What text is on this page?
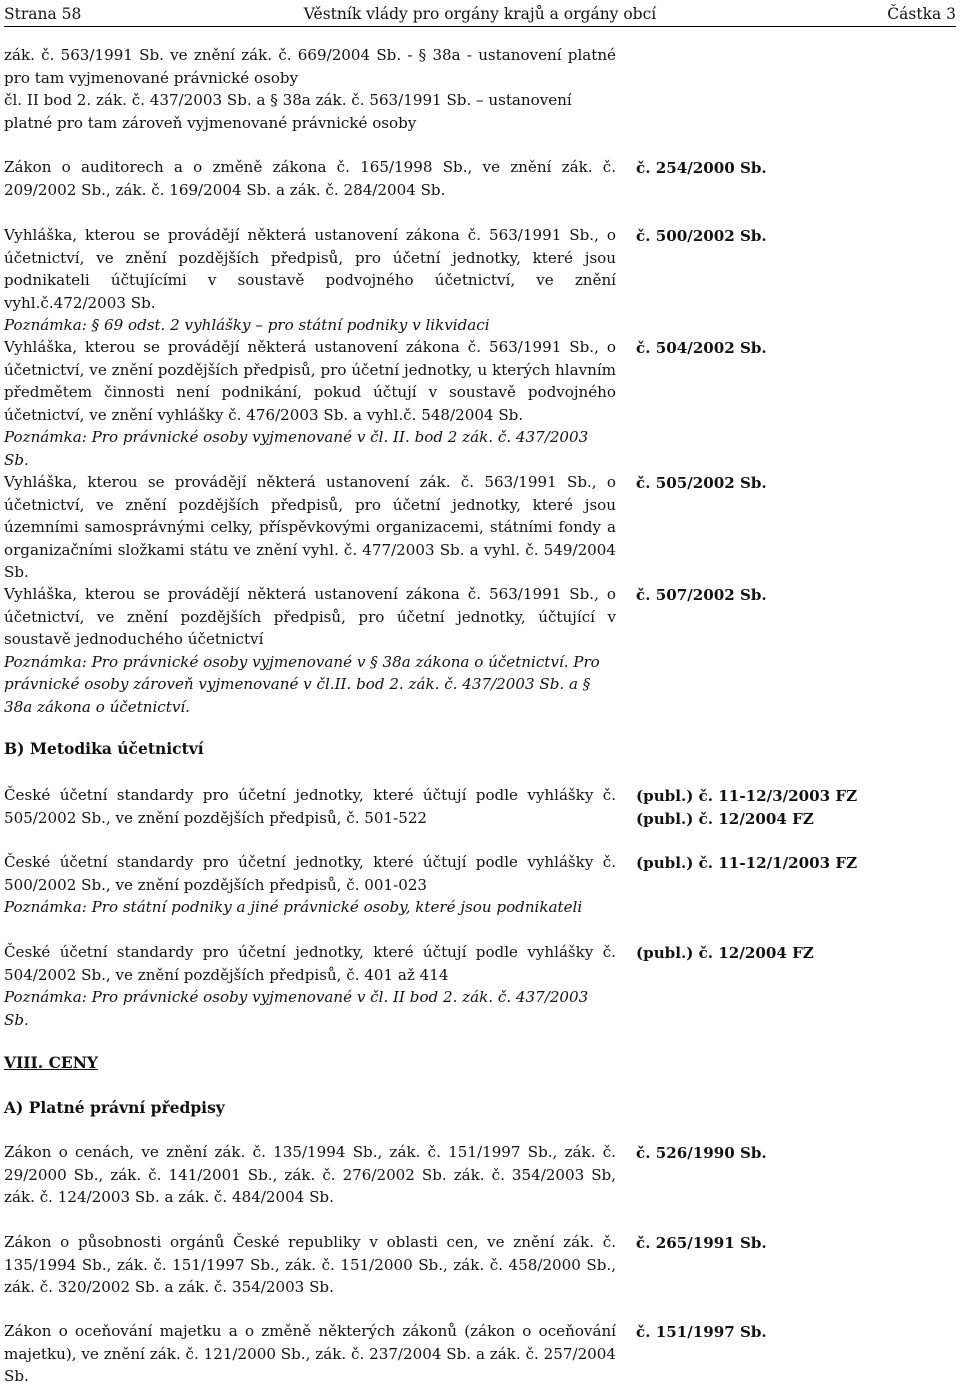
Strana 58	Věstník vlády pro orgány krajů a orgány obcí	Částka 3
zák. č. 563/1991 Sb. ve znění zák. č. 669/2004 Sb. - § 38a - ustanovení platné pro tam vyjmenované právnické osoby
čl. II bod 2. zák. č. 437/2003 Sb. a § 38a zák. č. 563/1991 Sb. – ustanovení platné pro tam zároveň vyjmenované právnické osoby
Zákon o auditorech a o změně zákona č. 165/1998 Sb., ve znění zák. č. 209/2002 Sb., zák. č. 169/2004 Sb. a zák. č. 284/2004 Sb.
č. 254/2000 Sb.
Vyhláška, kterou se provádějí některá ustanovení zákona č. 563/1991 Sb., o účetnictví, ve znění pozdějších předpisů, pro účetní jednotky, které jsou podnikateli účtujícími v soustavě podvojného účetnictví, ve znění vyhl.č.472/2003 Sb.
Poznámka: § 69 odst. 2 vyhlášky – pro státní podniky v likvidaci
č. 500/2002 Sb.
Vyhláška, kterou se provádějí některá ustanovení zákona č. 563/1991 Sb., o účetnictví, ve znění pozdějších předpisů, pro účetní jednotky, u kterých hlavním předmětem činnosti není podnikání, pokud účtují v soustavě podvojného účetnictví, ve znění vyhlášky č. 476/2003 Sb. a vyhl.č. 548/2004 Sb.
Poznámka: Pro právnické osoby vyjmenované v čl. II. bod 2 zák. č. 437/2003 Sb.
č. 504/2002 Sb.
Vyhláška, kterou se provádějí některá ustanovení zák. č. 563/1991 Sb., o účetnictví, ve znění pozdějších předpisů, pro účetní jednotky, které jsou územními samosprávnými celky, příspěvkovými organizacemi, státními fondy a organizačními složkami státu ve znění vyhl. č. 477/2003 Sb. a vyhl. č. 549/2004 Sb.
č. 505/2002 Sb.
Vyhláška, kterou se provádějí některá ustanovení zákona č. 563/1991 Sb., o účetnictví, ve znění pozdějších předpisů, pro účetní jednotky, účtující v soustavě jednoduchého účetnictví
Poznámka: Pro právnické osoby vyjmenované v § 38a zákona o účetnictví. Pro právnické osoby zároveň vyjmenované v čl.II. bod 2. zák. č. 437/2003 Sb. a § 38a zákona o účetnictví.
č. 507/2002 Sb.
B) Metodika účetnictví
České účetní standardy pro účetní jednotky, které účtují podle vyhlášky č. 505/2002 Sb., ve znění pozdějších předpisů, č. 501-522
(publ.) č. 11-12/3/2003 FZ
(publ.) č. 12/2004 FZ
České účetní standardy pro účetní jednotky, které účtují podle vyhlášky č. 500/2002 Sb., ve znění pozdějších předpisů, č. 001-023
Poznámka: Pro státní podniky a jiné právnické osoby, které jsou podnikateli
(publ.) č. 11-12/1/2003 FZ
České účetní standardy pro účetní jednotky, které účtují podle vyhlášky č. 504/2002 Sb., ve znění pozdějších předpisů, č. 401 až 414
Poznámka: Pro právnické osoby vyjmenované v čl. II bod 2. zák. č. 437/2003 Sb.
(publ.) č. 12/2004 FZ
VIII. CENY
A) Platné právní předpisy
Zákon o cenách, ve znění zák. č. 135/1994 Sb., zák. č. 151/1997 Sb., zák. č. 29/2000 Sb., zák. č. 141/2001 Sb., zák. č. 276/2002 Sb. zák. č. 354/2003 Sb, zák. č. 124/2003 Sb. a zák. č. 484/2004 Sb.
č. 526/1990 Sb.
Zákon o působnosti orgánů České republiky v oblasti cen, ve znění zák. č. 135/1994 Sb., zák. č. 151/1997 Sb., zák. č. 151/2000 Sb., zák. č. 458/2000 Sb., zák. č. 320/2002 Sb. a zák. č. 354/2003 Sb.
č. 265/1991 Sb.
Zákon o oceňování majetku a o změně některých zákonů (zákon o oceňování majetku), ve znění zák. č. 121/2000 Sb., zák. č. 237/2004 Sb. a zák. č. 257/2004 Sb.
č. 151/1997 Sb.
